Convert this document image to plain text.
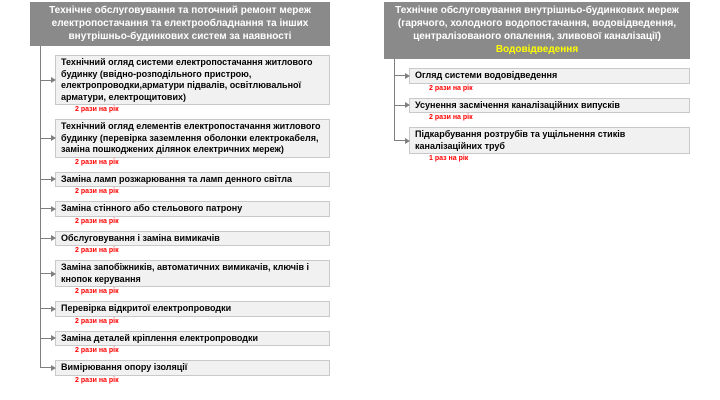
Технічне обслуговування та поточний ремонт мереж електропостачання та електрообладнання та інших внутрішньо-будинкових систем за наявності
Технічний огляд системи електропостачання житлового будинку (ввідно-розподільного пристрою, електропроводки,арматури підвалів, освітлювальної арматури, електрощитових)
2 рази на рік
Технічний огляд елементів електропостачання житлового будинку (перевірка заземлення оболонки електрокабеля, заміна пошкоджених ділянок електричних мереж)
2 рази на рік
Заміна ламп розжарювання та ламп денного світла
2 рази на рік
Заміна стінного або стельового патрону
2 рази на рік
Обслуговування і заміна вимикачів
2 рази на рік
Заміна запобіжників, автоматичних вимикачів, ключів і кнопок керування
2 рази на рік
Перевірка відкритої електропроводки
2 рази на рік
Заміна деталей кріплення електропроводки
2 рази на рік
Вимірювання опору ізоляції
2 рази на рік
Технічне обслуговування внутрішньо-будинкових мереж (гарячого, холодного водопостачання, водовідведення, централізованого опалення, зливової каналізації)
Водовідведення
Огляд системи водовідведення
2 рази на рік
Усунення засмічення каналізаційних випусків
2 рази на рік
Підкарбування розтрубів та ущільнення стиків каналізаційних труб
1 раз на рік
